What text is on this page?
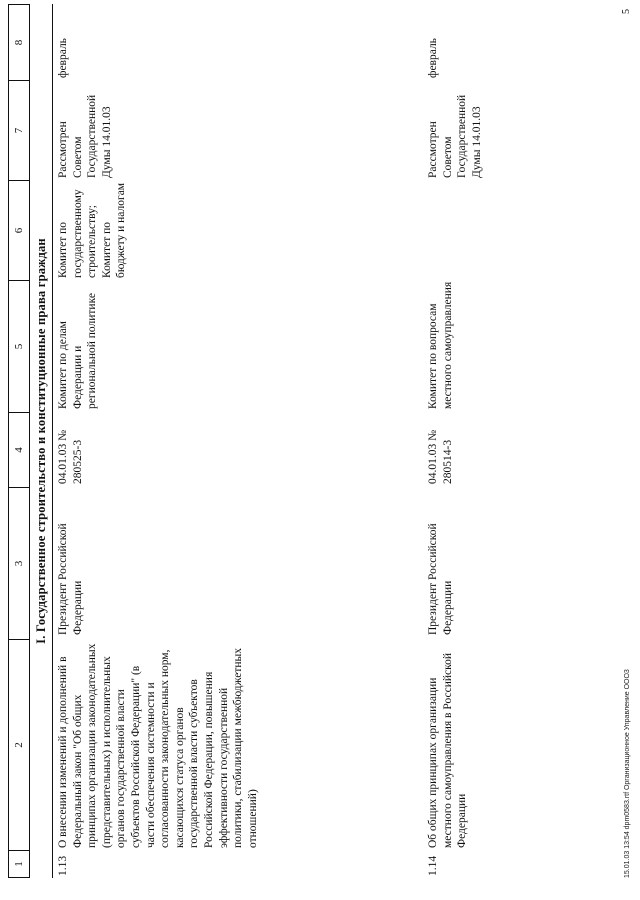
1
2
3
4
5
6
7
8
I. Государственное строительство и конституционные права граждан
1.13
О внесении изменений и дополнений в Федеральный закон "Об общих принципах организации законодательных (представительных) и исполнительных органов государственной власти субъектов Российской Федерации" (в части обеспечения системности и согласованности законодательных норм, касающихся статуса органов государственной власти субъектов Российской Федерации, повышения эффективности государственной политики, стабилизации межбюджетных отношений)
Президент Российской Федерации
04.01.03 № 280525-3
Комитет по делам Федерации и региональной политике
Комитет по государственному строительству; Комитет по бюджету и налогам
Рассмотрен Советом Государственной Думы 14.01.03
февраль
1.14
Об общих принципах организации местного самоуправления в Российской Федерации
Президент Российской Федерации
04.01.03 № 280514-3
Комитет по вопросам местного самоуправления
Рассмотрен Советом Государственной Думы 14.01.03
февраль
15.01.03 13:54 dpm0583.rtf Организационное Управление ООО3
5
